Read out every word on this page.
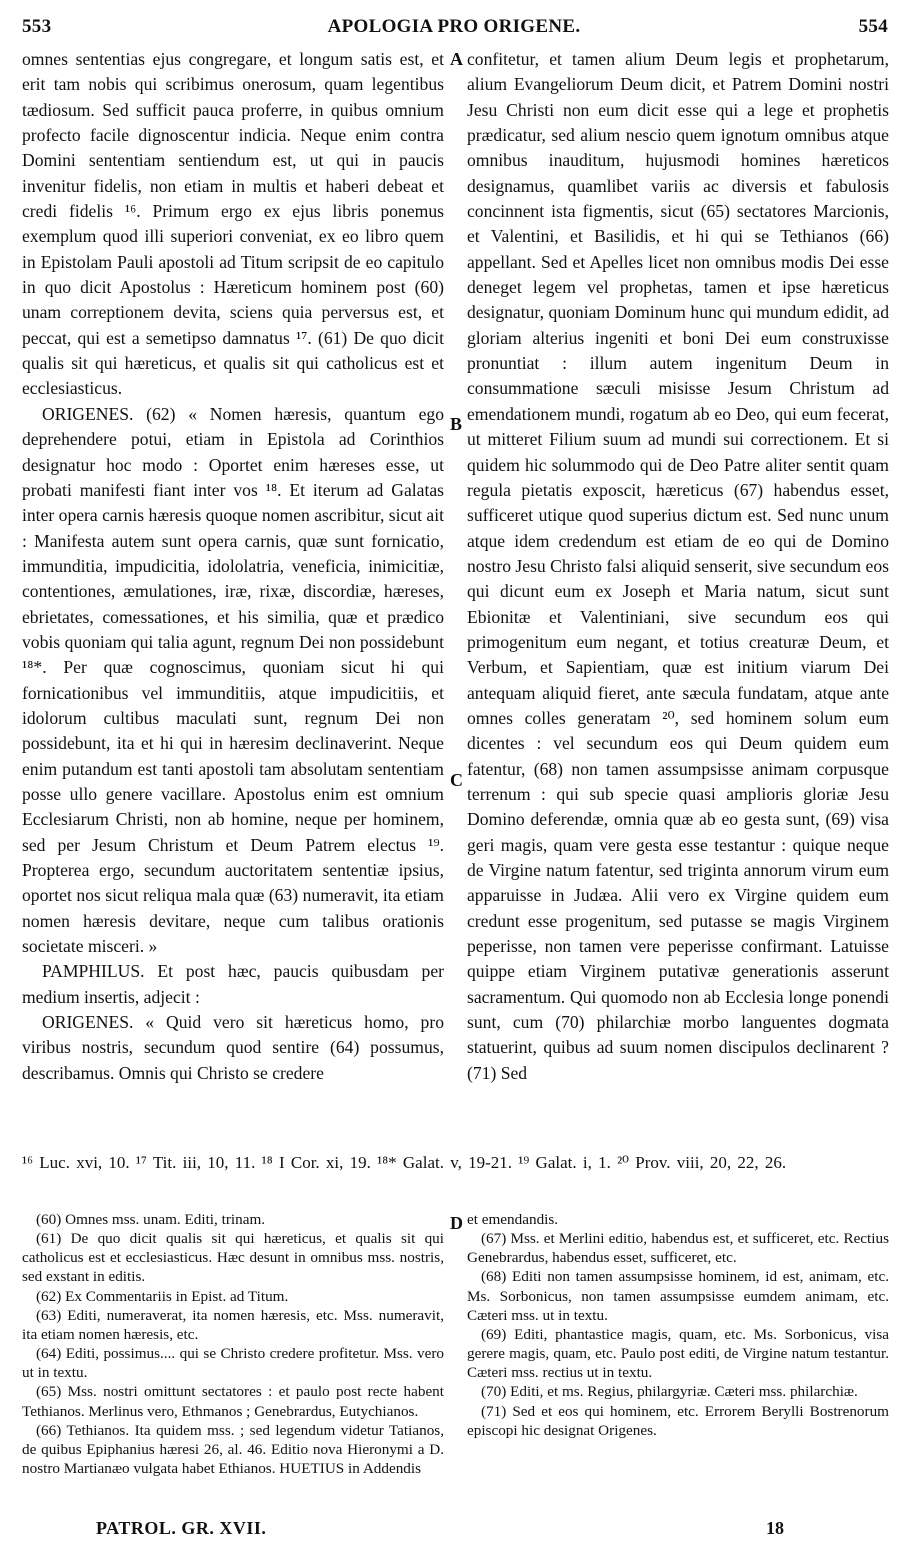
APOLOGIA PRO ORIGENE.
553	554

omnes sententias ejus congregare, et longum satis est, et erit tam nobis qui scribimus onerosum, quam legentibus tædiosum. Sed sufficit pauca proferre, in quibus omnium profecto facile dignoscentur indicia. Neque enim contra Domini sententiam sentiendum est, ut qui in paucis invenitur fidelis, non etiam in multis et haberi debeat et credi fidelis ¹⁶. Primum ergo ex ejus libris ponemus exemplum quod illi superiori conveniat, ex eo libro quem in Epistolam Pauli apostoli ad Titum scripsit de eo capitulo in quo dicit Apostolus : Hæreticum hominem post (60) unam correptionem devita, sciens quia perversus est, et peccat, qui est a semetipso damnatus ¹⁷. (61) De quo dicit qualis sit qui hæreticus, et qualis sit qui catholicus est et ecclesiasticus.

ORIGENES. (62) « Nomen hæresis, quantum ego deprehendere potui, etiam in Epistola ad Corinthios designatur hoc modo : Oportet enim hæreses esse, ut probati manifesti fiant inter vos ¹⁸. Et iterum ad Galatas inter opera carnis hæresis quoque nomen ascribitur, sicut ait : Manifesta autem sunt opera carnis, quæ sunt fornicatio, immunditia, impudicitia, idololatria, veneficia, inimicitiæ, contentiones, æmulationes, iræ, rixæ, discordiæ, hæreses, ebrietates, comessationes, et his similia, quæ et prædico vobis quoniam qui talia agunt, regnum Dei non possidebunt ¹⁸*. Per quæ cognoscimus, quoniam sicut hi qui fornicationibus vel immunditiis, atque impudicitiis, et idolorum cultibus maculati sunt, regnum Dei non possidebunt, ita et hi qui in hæresim declinaverint. Neque enim putandum est tanti apostoli tam absolutam sententiam posse ullo genere vacillare. Apostolus enim est omnium Ecclesiarum Christi, non ab homine, neque per hominem, sed per Jesum Christum et Deum Patrem electus ¹⁹. Propterea ergo, secundum auctoritatem sententiæ ipsius, oportet nos sicut reliqua mala quæ (63) numeravit, ita etiam nomen hæresis devitare, neque cum talibus orationis societate misceri. »

PAMPHILUS. Et post hæc, paucis quibusdam per medium insertis, adjecit :

ORIGENES. « Quid vero sit hæreticus homo, pro viribus nostris, secundum quod sentire (64) possumus, describamus. Omnis qui Christo se credere

confitetur, et tamen alium Deum legis et prophetarum, alium Evangeliorum Deum dicit, et Patrem Domini nostri Jesu Christi non eum dicit esse qui a lege et prophetis prædicatur, sed alium nescio quem ignotum omnibus atque omnibus inauditum, hujusmodi homines hæreticos designamus, quamlibet variis ac diversis et fabulosis concinnent ista figmentis, sicut (65) sectatores Marcionis, et Valentini, et Basilidis, et hi qui se Tethianos (66) appellant. Sed et Apelles licet non omnibus modis Dei esse deneget legem vel prophetas, tamen et ipse hæreticus designatur, quoniam Dominum hunc qui mundum edidit, ad gloriam alterius ingeniti et boni Dei eum construxisse pronuntiat : illum autem ingenitum Deum in consummatione sæculi misisse Jesum Christum ad emendationem mundi, rogatum ab eo Deo, qui eum fecerat, ut mitteret Filium suum ad mundi sui correctionem. Et si quidem hic solummodo qui de Deo Patre aliter sentit quam regula pietatis exposcit, hæreticus (67) habendus esset, sufficeret utique quod superius dictum est. Sed nunc unum atque idem credendum est etiam de eo qui de Domino nostro Jesu Christo falsi aliquid senserit, sive secundum eos qui dicunt eum ex Joseph et Maria natum, sicut sunt Ebionitæ et Valentiniani, sive secundum eos qui primogenitum eum negant, et totius creaturæ Deum, et Verbum, et Sapientiam, quæ est initium viarum Dei antequam aliquid fieret, ante sæcula fundatam, atque ante omnes colles generatam ²⁰, sed hominem solum eum dicentes : vel secundum eos qui Deum quidem eum fatentur, (68) non tamen assumpsisse animam corpusque terrenum : qui sub specie quasi amplioris gloriæ Jesu Domino deferendæ, omnia quæ ab eo gesta sunt, (69) visa geri magis, quam vere gesta esse testantur : quique neque de Virgine natum fatentur, sed triginta annorum virum eum apparuisse in Judæa. Alii vero ex Virgine quidem eum credunt esse progenitum, sed putasse se magis Virginem peperisse, non tamen vere peperisse confirmant. Latuisse quippe etiam Virginem putativæ generationis asserunt sacramentum. Qui quomodo non ab Ecclesia longe ponendi sunt, cum (70) philarchiæ morbo languentes dogmata statuerint, quibus ad suum nomen discipulos declinarent ? (71) Sed

A
B
C
D
¹⁶ Luc. xvi, 10. ¹⁷ Tit. iii, 10, 11. ¹⁸ I Cor. xi, 19. ¹⁸* Galat. v, 19-21. ¹⁹ Galat. i, 1. ²⁰ Prov. viii, 20, 22, 26.

(60) Omnes mss. unam. Editi, trinam.

(61) De quo dicit qualis sit qui hæreticus, et qualis sit qui catholicus est et ecclesiasticus. Hæc desunt in omnibus mss. nostris, sed exstant in editis.

(62) Ex Commentariis in Epist. ad Titum.

(63) Editi, numeraverat, ita nomen hæresis, etc. Mss. numeravit, ita etiam nomen hæresis, etc.

(64) Editi, possimus.... qui se Christo credere profitetur. Mss. vero ut in textu.

(65) Mss. nostri omittunt sectatores : et paulo post recte habent Tethianos. Merlinus vero, Ethmanos ; Genebrardus, Eutychianos.

(66) Tethianos. Ita quidem mss. ; sed legendum videtur Tatianos, de quibus Epiphanius hæresi 26, al. 46. Editio nova Hieronymi a D. nostro Martianæo vulgata habet Ethianos. HUETIUS in Addendis

et emendandis.

(67) Mss. et Merlini editio, habendus est, et sufficeret, etc. Rectius Genebrardus, habendus esset, sufficeret, etc.

(68) Editi non tamen assumpsisse hominem, id est, animam, etc. Ms. Sorbonicus, non tamen assumpsisse eumdem animam, etc. Cæteri mss. ut in textu.

(69) Editi, phantastice magis, quam, etc. Ms. Sorbonicus, visa gerere magis, quam, etc. Paulo post editi, de Virgine natum testantur. Cæteri mss. rectius ut in textu.

(70) Editi, et ms. Regius, philargyriæ. Cæteri mss. philarchiæ.

(71) Sed et eos qui hominem, etc. Errorem Berylli Bostrenorum episcopi hic designat Origenes.

PATROL. GR. XVII.	18
